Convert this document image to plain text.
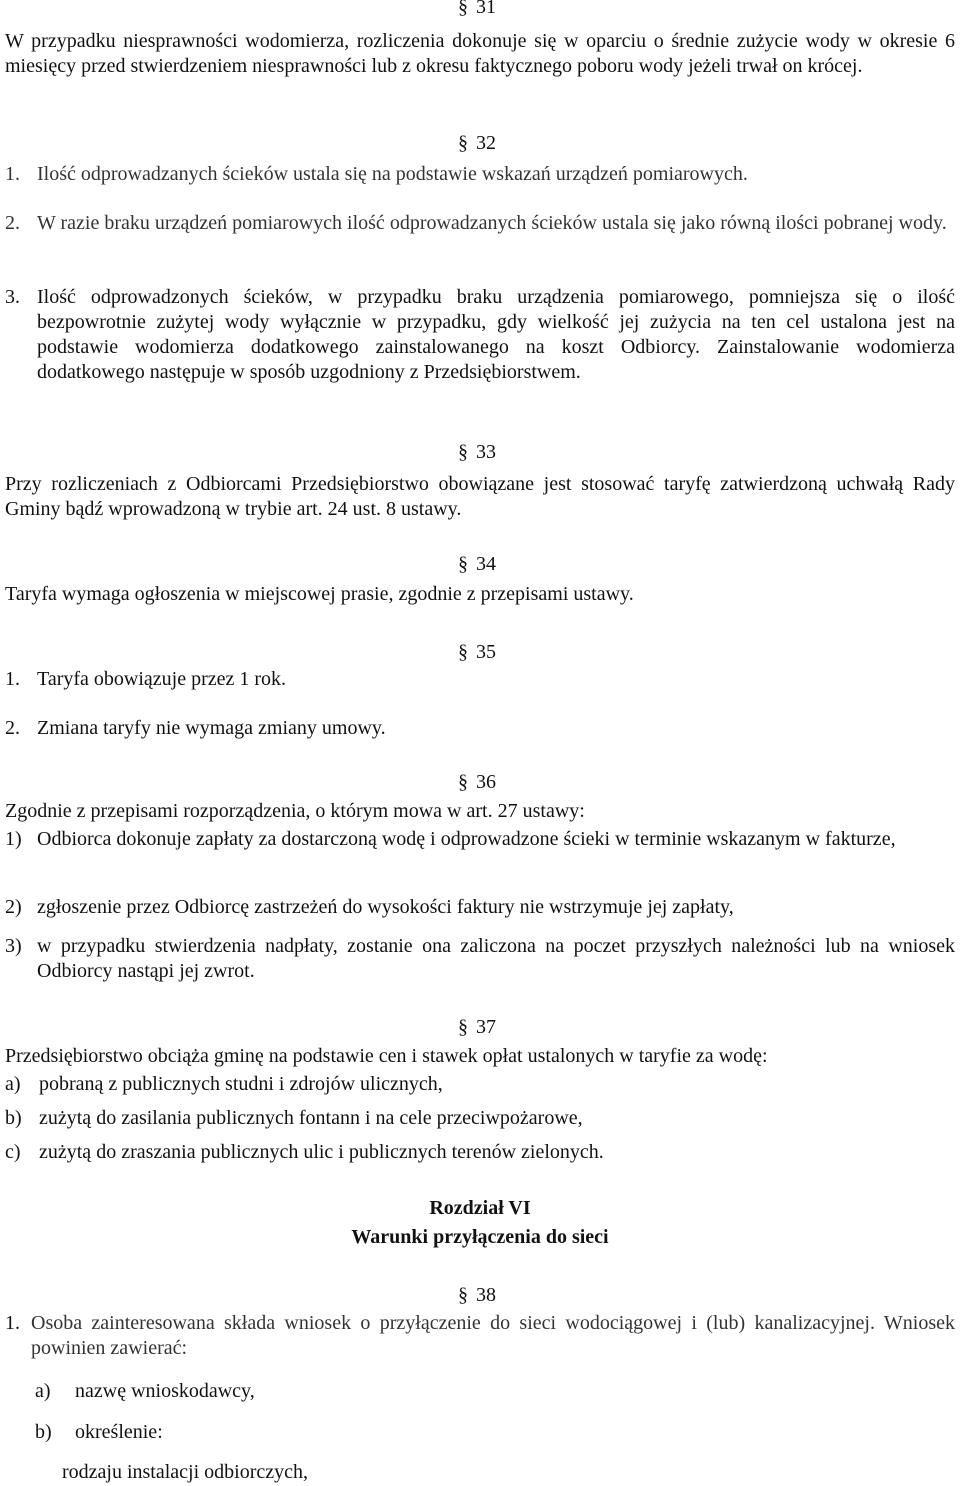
§ 31
W przypadku niesprawności wodomierza, rozliczenia dokonuje się w oparciu o średnie zużycie wody w okresie 6 miesięcy przed stwierdzeniem niesprawności lub z okresu faktycznego poboru wody jeżeli trwał on krócej.
§ 32
1. Ilość odprowadzanych ścieków ustala się na podstawie wskazań urządzeń pomiarowych.
2. W razie braku urządzeń pomiarowych ilość odprowadzanych ścieków ustala się jako równą ilości pobranej wody.
3. Ilość odprowadzonych ścieków, w przypadku braku urządzenia pomiarowego, pomniejsza się o ilość bezpowrotnie zużytej wody wyłącznie w przypadku, gdy wielkość jej zużycia na ten cel ustalona jest na podstawie wodomierza dodatkowego zainstalowanego na koszt Odbiorcy. Zainstalowanie wodomierza dodatkowego następuje w sposób uzgodniony z Przedsiębiorstwem.
§ 33
Przy rozliczeniach z Odbiorcami Przedsiębiorstwo obowiązane jest stosować taryfę zatwierdzoną uchwałą Rady Gminy bądź wprowadzoną w trybie art. 24 ust. 8 ustawy.
§ 34
Taryfa wymaga ogłoszenia w miejscowej prasie, zgodnie z przepisami ustawy.
§ 35
1. Taryfa obowiązuje przez 1 rok.
2. Zmiana taryfy nie wymaga zmiany umowy.
§ 36
Zgodnie z przepisami rozporządzenia, o którym mowa w art. 27 ustawy:
1) Odbiorca dokonuje zapłaty za dostarczoną wodę i odprowadzone ścieki w terminie wskazanym w fakturze,
2) zgłoszenie przez Odbiorcę zastrzeżeń do wysokości faktury nie wstrzymuje jej zapłaty,
3) w przypadku stwierdzenia nadpłaty, zostanie ona zaliczona na poczet przyszłych należności lub na wniosek Odbiorcy nastąpi jej zwrot.
§ 37
Przedsiębiorstwo obciąża gminę na podstawie cen i stawek opłat ustalonych w taryfie za wodę:
a) pobraną z publicznych studni i zdrojów ulicznych,
b) zużytą do zasilania publicznych fontann i na cele przeciwpożarowe,
c) zużytą do zraszania publicznych ulic i publicznych terenów zielonych.
Rozdział VI
Warunki przyłączenia do sieci
§ 38
1. Osoba zainteresowana składa wniosek o przyłączenie do sieci wodociągowej i (lub) kanalizacyjnej. Wniosek powinien zawierać:
a) nazwę wnioskodawcy,
b) określenie:
rodzaju instalacji odbiorczych,
